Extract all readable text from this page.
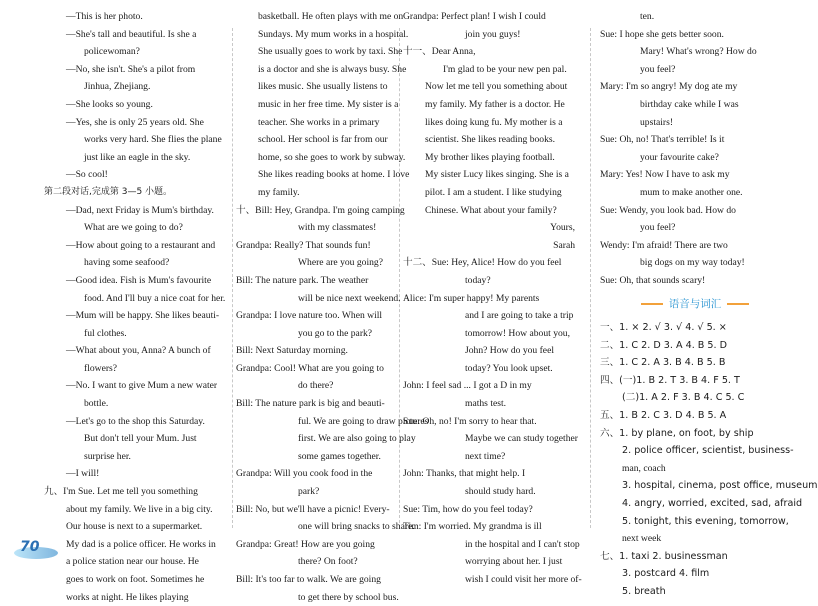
—This is her photo.
—She's tall and beautiful. Is she a
policewoman?
—No, she isn't. She's a pilot from
Jinhua, Zhejiang.
—She looks so young.
—Yes, she is only 25 years old. She
works very hard. She flies the plane
just like an eagle in the sky.
—So cool!
第二段对话,完成第 3—5 小题。
—Dad, next Friday is Mum's birthday.
What are we going to do?
—How about going to a restaurant and
having some seafood?
—Good idea. Fish is Mum's favourite
food. And I'll buy a nice coat for her.
—Mum will be happy. She likes beauti-
ful clothes.
—What about you, Anna? A bunch of
flowers?
—No. I want to give Mum a new water
bottle.
—Let's go to the shop this Saturday.
But don't tell your Mum. Just
surprise her.
—I will!
九、I'm Sue. Let me tell you something
about my family. We live in a big city.
Our house is next to a supermarket.
My dad is a police officer. He works in
a police station near our house. He
goes to work on foot. Sometimes he
works at night. He likes playing
basketball. He often plays with me on
Sundays. My mum works in a hospital.
She usually goes to work by taxi. She
is a doctor and she is always busy. She
likes music. She usually listens to
music in her free time. My sister is a
teacher. She works in a primary
school. Her school is far from our
home, so she goes to work by subway.
She likes reading books at home. I love
my family.
十、Bill: Hey, Grandpa. I'm going camping
with my classmates!
Grandpa: Really? That sounds fun!
Where are you going?
Bill: The nature park. The weather
will be nice next weekend.
Grandpa: I love nature too. When will
you go to the park?
Bill: Next Saturday morning.
Grandpa: Cool! What are you going to
do there?
Bill: The nature park is big and beauti-
ful. We are going to draw pictures
first. We are also going to play
some games together.
Grandpa: Will you cook food in the
park?
Bill: No, but we'll have a picnic! Every-
one will bring snacks to share.
Grandpa: Great! How are you going
there? On foot?
Bill: It's too far to walk. We are going
to get there by school bus.
Grandpa: Perfect plan! I wish I could
join you guys!
十一、Dear Anna,
I'm glad to be your new pen pal.
Now let me tell you something about
my family. My father is a doctor. He
likes doing kung fu. My mother is a
scientist. She likes reading books.
My brother likes playing football.
My sister Lucy likes singing. She is a
pilot. I am a student. I like studying
Chinese. What about your family?
Yours,
Sarah
十二、Sue: Hey, Alice! How do you feel
today?
Alice: I'm super happy! My parents
and I are going to take a trip
tomorrow! How about you,
John? How do you feel
today? You look upset.
John: I feel sad ... I got a D in my
maths test.
Sue: Oh, no! I'm sorry to hear that.
Maybe we can study together
next time?
John: Thanks, that might help. I
should study hard.
Sue: Tim, how do you feel today?
Tim: I'm worried. My grandma is ill
in the hospital and I can't stop
worrying about her. I just
wish I could visit her more of-
ten.
Sue: I hope she gets better soon.
Mary! What's wrong? How do
you feel?
Mary: I'm so angry! My dog ate my
birthday cake while I was
upstairs!
Sue: Oh, no! That's terrible! Is it
your favourite cake?
Mary: Yes! Now I have to ask my
mum to make another one.
Sue: Wendy, you look bad. How do
you feel?
Wendy: I'm afraid! There are two
big dogs on my way today!
Sue: Oh, that sounds scary!
语音与词汇
一、1. × 2. √ 3. √ 4. √ 5. ×
二、1. C 2. D 3. A 4. B 5. D
三、1. C 2. A 3. B 4. B 5. B
四、(一)1. B 2. T 3. B 4. F 5. T
(二)1. A 2. F 3. B 4. C 5. C
五、1. B 2. C 3. D 4. B 5. A
六、1. by plane, on foot, by ship
2. police officer, scientist, business-
man, coach
3. hospital, cinema, post office, museum
4. angry, worried, excited, sad, afraid
5. tonight, this evening, tomorrow,
next week
七、1. taxi 2. businessman
3. postcard 4. film
5. breath
70
